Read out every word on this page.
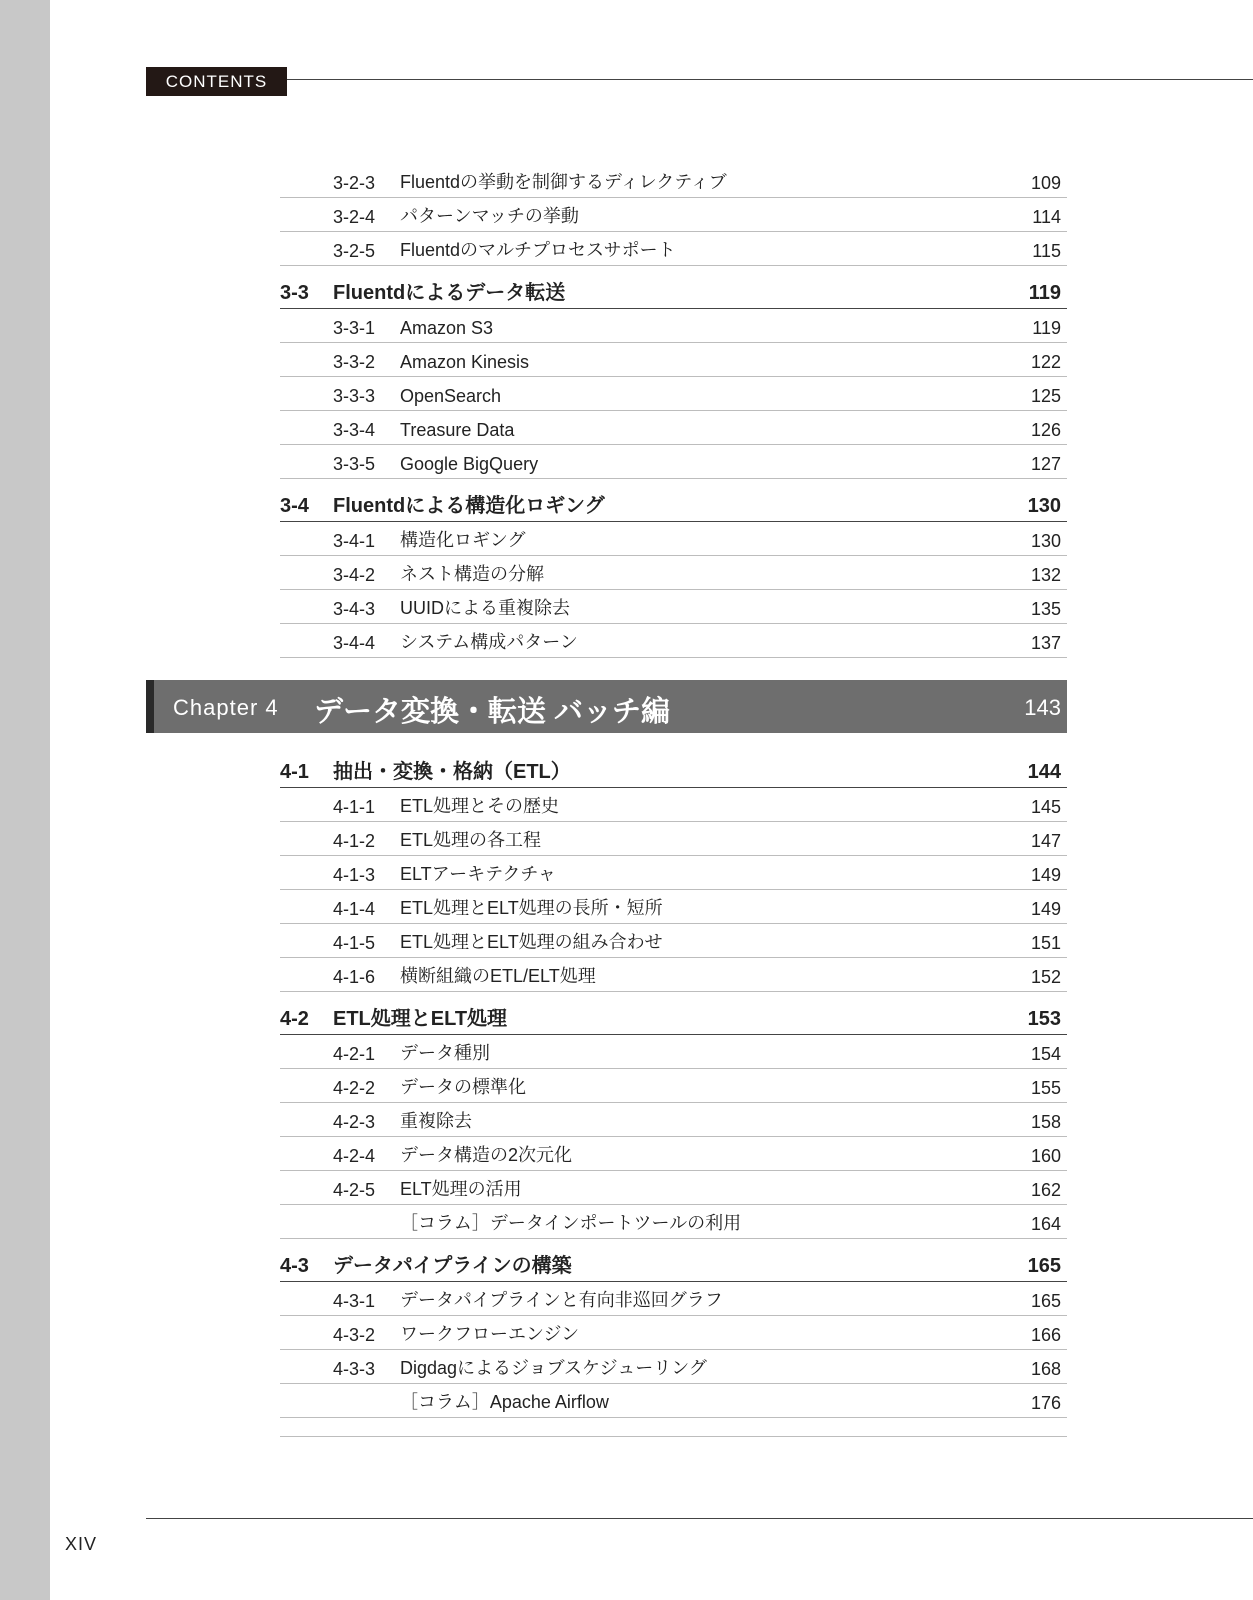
CONTENTS
3-2-3 Fluentdの挙動を制御するディレクティブ	109
3-2-4 パターンマッチの挙動	114
3-2-5 Fluentdのマルチプロセスサポート	115
3-3 Fluentdによるデータ転送	119
3-3-1 Amazon S3	119
3-3-2 Amazon Kinesis	122
3-3-3 OpenSearch	125
3-3-4 Treasure Data	126
3-3-5 Google BigQuery	127
3-4 Fluentdによる構造化ロギング	130
3-4-1 構造化ロギング	130
3-4-2 ネスト構造の分解	132
3-4-3 UUIDによる重複除去	135
3-4-4 システム構成パターン	137
Chapter 4 データ変換・転送 バッチ編	143
4-1 抽出・変換・格納（ETL）	144
4-1-1 ETL処理とその歴史	145
4-1-2 ETL処理の各工程	147
4-1-3 ELTアーキテクチャ	149
4-1-4 ETL処理とELT処理の長所・短所	149
4-1-5 ETL処理とELT処理の組み合わせ	151
4-1-6 横断組織のETL/ELT処理	152
4-2 ETL処理とELT処理	153
4-2-1 データ種別	154
4-2-2 データの標準化	155
4-2-3 重複除去	158
4-2-4 データ構造の2次元化	160
4-2-5 ELT処理の活用	162
［コラム］データインポートツールの利用	164
4-3 データパイプラインの構築	165
4-3-1 データパイプラインと有向非巡回グラフ	165
4-3-2 ワークフローエンジン	166
4-3-3 Digdagによるジョブスケジューリング	168
［コラム］Apache Airflow	176
XIV
